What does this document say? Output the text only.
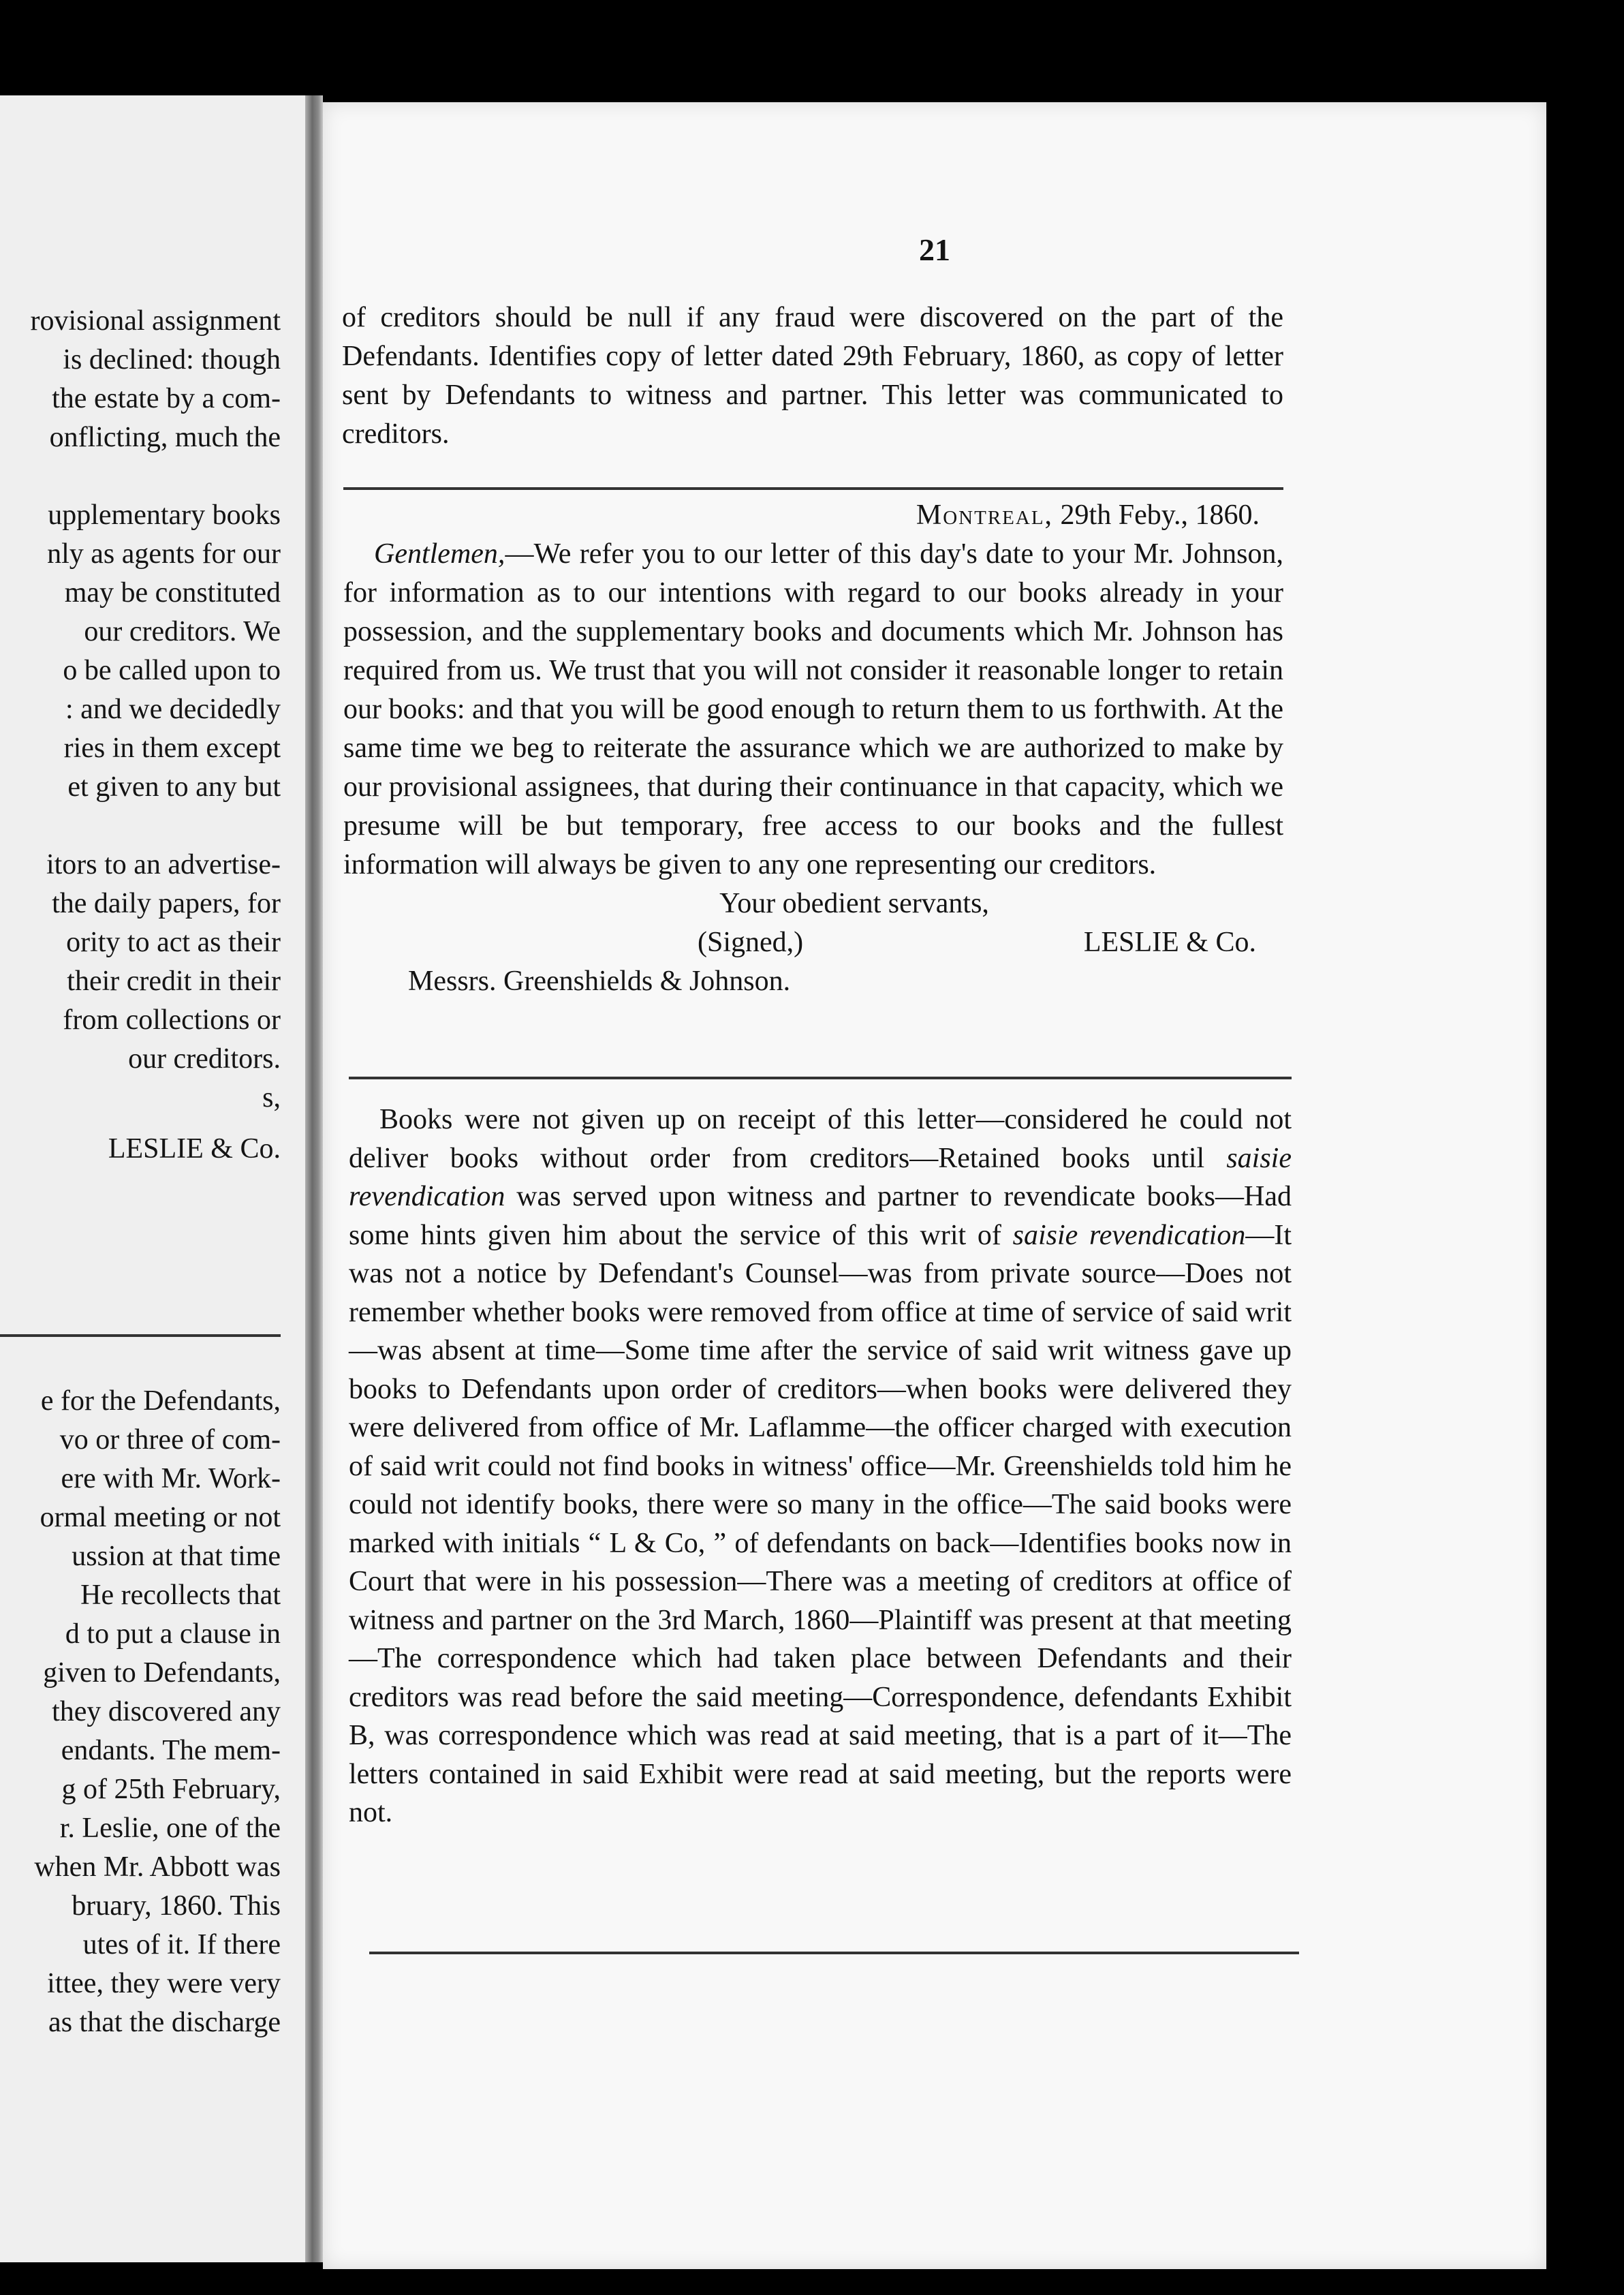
rovisional assignment
is declined: though
the estate by a com-
onflicting, much the
upplementary books
nly as agents for our
may be constituted
our creditors. We
o be called upon to
: and we decidedly
ries in them except
et given to any but
itors to an advertise-
the daily papers, for
ority to act as their
their credit in their
from collections or
our creditors.
s,
LESLIE & Co.
e for the Defendants,
vo or three of com-
ere with Mr. Work-
ormal meeting or not
ussion at that time
He recollects that
d to put a clause in
given to Defendants,
they discovered any
endants. The mem-
g of 25th February,
r. Leslie, one of the
when Mr. Abbott was
bruary, 1860. This
utes of it. If there
ittee, they were very
as that the discharge
21

of creditors should be null if any fraud were discovered on the part of the Defendants. Identifies copy of letter dated 29th February, 1860, as copy of letter sent by Defendants to witness and partner. This letter was communicated to creditors.

Montreal, 29th Feby., 1860.

Gentlemen,—We refer you to our letter of this day's date to your Mr. Johnson, for information as to our intentions with regard to our books already in your possession, and the supplementary books and documents which Mr. Johnson has required from us. We trust that you will not consider it reasonable longer to retain our books: and that you will be good enough to return them to us forthwith. At the same time we beg to reiterate the assurance which we are authorized to make by our provisional assignees, that during their continuance in that capacity, which we presume will be but temporary, free access to our books and the fullest information will always be given to any one representing our creditors.

Your obedient servants,
(Signed,)	LESLIE & Co.
Messrs. Greenshields & Johnson.

Books were not given up on receipt of this letter—considered he could not deliver books without order from creditors—Retained books until saisie revendication was served upon witness and partner to revendicate books—Had some hints given him about the service of this writ of saisie revendication—It was not a notice by Defendant's Counsel—was from private source—Does not remember whether books were removed from office at time of service of said writ—was absent at time—Some time after the service of said writ witness gave up books to Defendants upon order of creditors—when books were delivered they were delivered from office of Mr. Laflamme—the officer charged with execution of said writ could not find books in witness' office—Mr. Greenshields told him he could not identify books, there were so many in the office—The said books were marked with initials “ L & Co, ” of defendants on back—Identifies books now in Court that were in his possession—There was a meeting of creditors at office of witness and partner on the 3rd March, 1860—Plaintiff was present at that meeting—The correspondence which had taken place between Defendants and their creditors was read before the said meeting—Correspondence, defendants Exhibit B, was correspondence which was read at said meeting, that is a part of it—The letters contained in said Exhibit were read at said meeting, but the reports were not.
